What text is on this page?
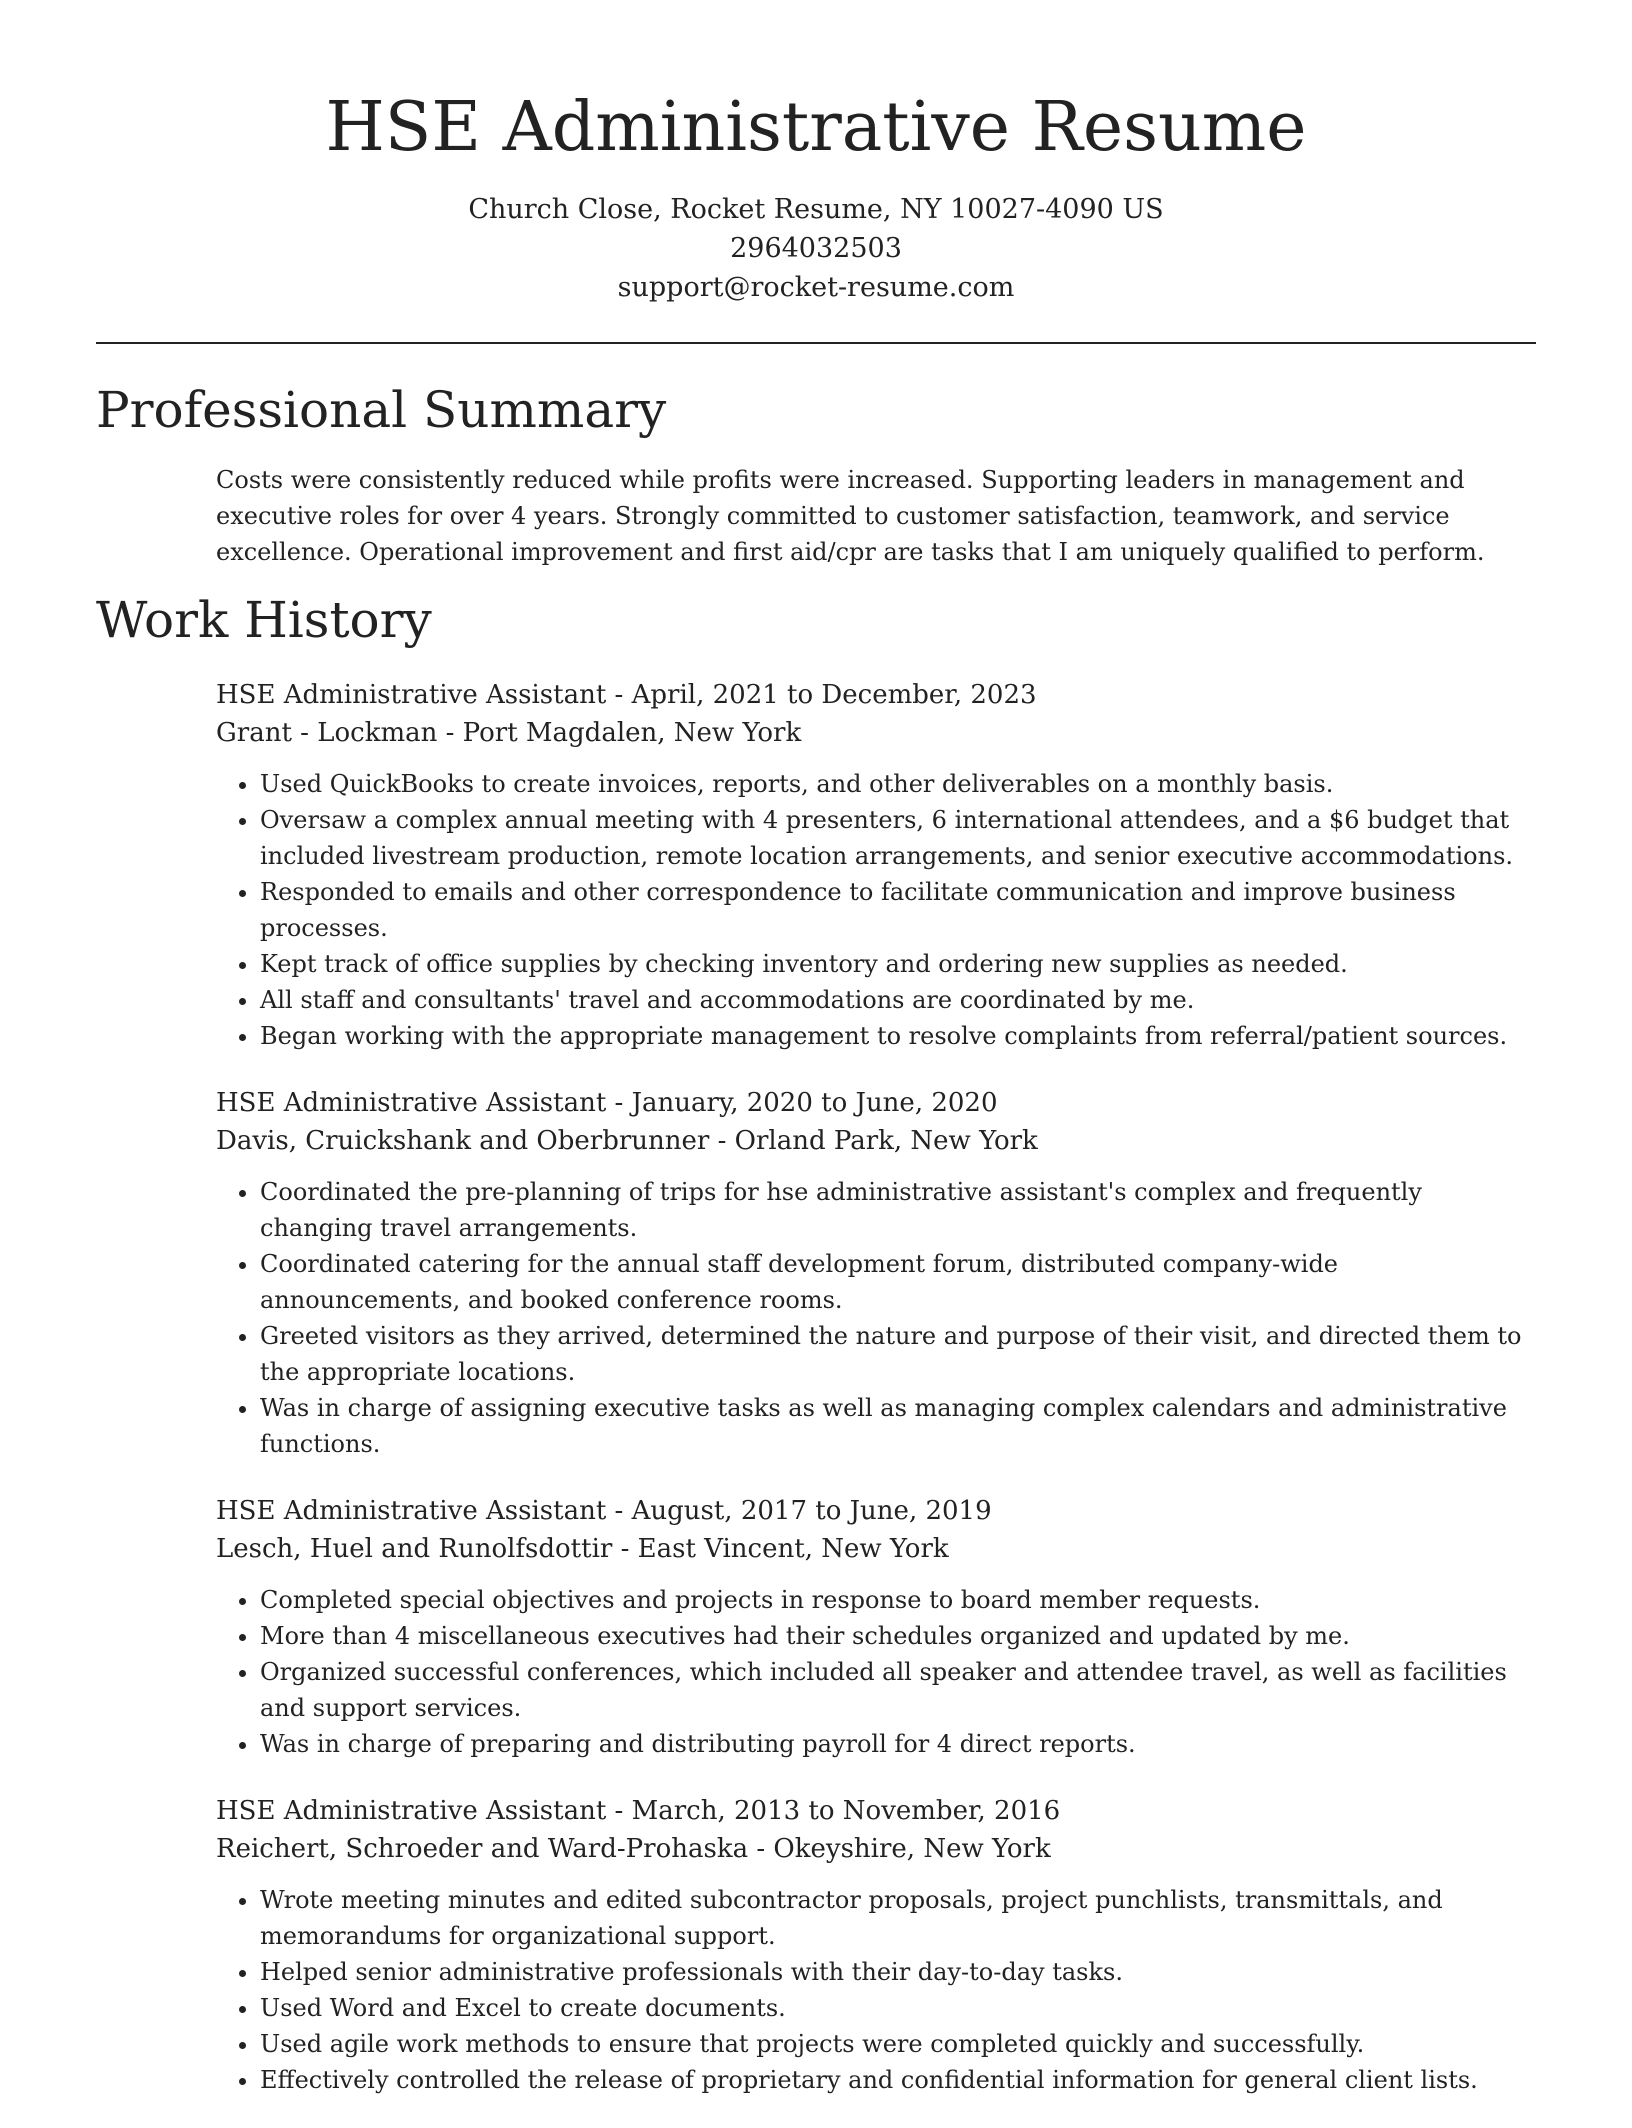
HSE Administrative Resume

Church Close, Rocket Resume, NY 10027-4090 US

2964032503

support@rocket-resume.com

Professional Summary

Costs were consistently reduced while profits were increased. Supporting leaders in management and executive roles for over 4 years. Strongly committed to customer satisfaction, teamwork, and service excellence. Operational improvement and first aid/cpr are tasks that I am uniquely qualified to perform.

Work History

HSE Administrative Assistant - April, 2021 to December, 2023

Grant - Lockman - Port Magdalen, New York

• Used QuickBooks to create invoices, reports, and other deliverables on a monthly basis.
• Oversaw a complex annual meeting with 4 presenters, 6 international attendees, and a $6 budget that included livestream production, remote location arrangements, and senior executive accommodations.
• Responded to emails and other correspondence to facilitate communication and improve business processes.
• Kept track of office supplies by checking inventory and ordering new supplies as needed.
• All staff and consultants' travel and accommodations are coordinated by me.
• Began working with the appropriate management to resolve complaints from referral/patient sources.

HSE Administrative Assistant - January, 2020 to June, 2020

Davis, Cruickshank and Oberbrunner - Orland Park, New York

• Coordinated the pre-planning of trips for hse administrative assistant's complex and frequently changing travel arrangements.
• Coordinated catering for the annual staff development forum, distributed company-wide announcements, and booked conference rooms.
• Greeted visitors as they arrived, determined the nature and purpose of their visit, and directed them to the appropriate locations.
• Was in charge of assigning executive tasks as well as managing complex calendars and administrative functions.

HSE Administrative Assistant - August, 2017 to June, 2019

Lesch, Huel and Runolfsdottir - East Vincent, New York

• Completed special objectives and projects in response to board member requests.
• More than 4 miscellaneous executives had their schedules organized and updated by me.
• Organized successful conferences, which included all speaker and attendee travel, as well as facilities and support services.
• Was in charge of preparing and distributing payroll for 4 direct reports.

HSE Administrative Assistant - March, 2013 to November, 2016

Reichert, Schroeder and Ward-Prohaska - Okeyshire, New York

• Wrote meeting minutes and edited subcontractor proposals, project punchlists, transmittals, and memorandums for organizational support.
• Helped senior administrative professionals with their day-to-day tasks.
• Used Word and Excel to create documents.
• Used agile work methods to ensure that projects were completed quickly and successfully.
• Effectively controlled the release of proprietary and confidential information for general client lists.
